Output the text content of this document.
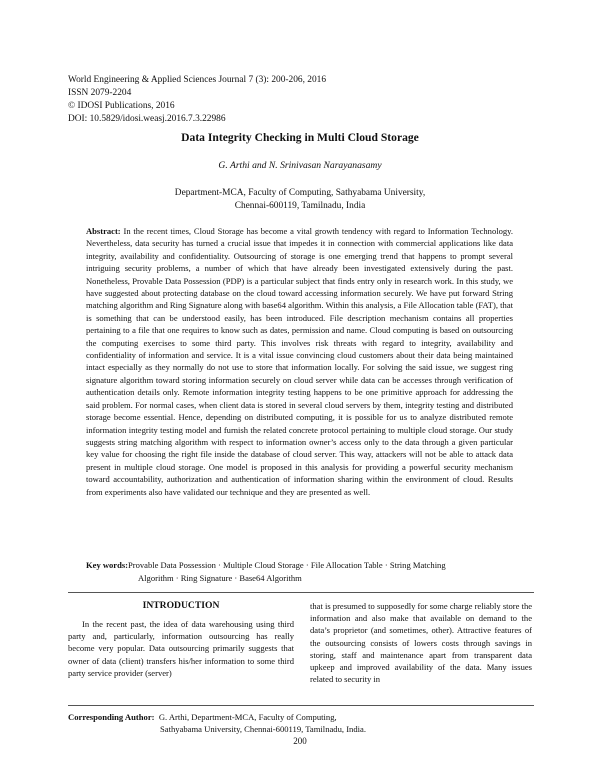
World Engineering & Applied Sciences Journal 7 (3): 200-206, 2016
ISSN 2079-2204
© IDOSI Publications, 2016
DOI: 10.5829/idosi.weasj.2016.7.3.22986
Data Integrity Checking in Multi Cloud Storage
G. Arthi and N. Srinivasan Narayanasamy
Department-MCA, Faculty of Computing, Sathyabama University,
Chennai-600119, Tamilnadu, India

Abstract: In the recent times, Cloud Storage has become a vital growth tendency with regard to Information Technology. Nevertheless, data security has turned a crucial issue that impedes it in connection with commercial applications like data integrity, availability and confidentiality. Outsourcing of storage is one emerging trend that happens to prompt several intriguing security problems, a number of which that have already been investigated extensively during the past. Nonetheless, Provable Data Possession (PDP) is a particular subject that finds entry only in research work. In this study, we have suggested about protecting database on the cloud toward accessing information securely. We have put forward String matching algorithm and Ring Signature along with base64 algorithm. Within this analysis, a File Allocation table (FAT), that is something that can be understood easily, has been introduced. File description mechanism contains all properties pertaining to a file that one requires to know such as dates, permission and name. Cloud computing is based on outsourcing the computing exercises to some third party. This involves risk threats with regard to integrity, availability and confidentiality of information and service. It is a vital issue convincing cloud customers about their data being maintained intact especially as they normally do not use to store that information locally. For solving the said issue, we suggest ring signature algorithm toward storing information securely on cloud server while data can be accesses through verification of authentication details only. Remote information integrity testing happens to be one primitive approach for addressing the said problem. For normal cases, when client data is stored in several cloud servers by them, integrity testing and distributed storage become essential. Hence, depending on distributed computing, it is possible for us to analyze distributed remote information integrity testing model and furnish the related concrete protocol pertaining to multiple cloud storage. Our study suggests string matching algorithm with respect to information owner’s access only to the data through a given particular key value for choosing the right file inside the database of cloud server. This way, attackers will not be able to attack data present in multiple cloud storage. One model is proposed in this analysis for providing a powerful security mechanism toward accountability, authorization and authentication of information sharing within the environment of cloud. Results from experiments also have validated our technique and they are presented as well.

Key words:Provable Data Possession · Multiple Cloud Storage · File Allocation Table · String Matching
Algorithm · Ring Signature · Base64 Algorithm
INTRODUCTION

In the recent past, the idea of data warehousing using third party and, particularly, information outsourcing has really become very popular. Data outsourcing primarily suggests that owner of data (client) transfers his/her information to some third party service provider (server)

that is presumed to supposedly for some charge reliably store the information and also make that available on demand to the data’s proprietor (and sometimes, other). Attractive features of the outsourcing consists of lowers costs through savings in storing, staff and maintenance apart from transparent data upkeep and improved availability of the data. Many issues related to security in

Corresponding Author: G. Arthi, Department-MCA, Faculty of Computing,
Sathyabama University, Chennai-600119, Tamilnadu, India.
200
